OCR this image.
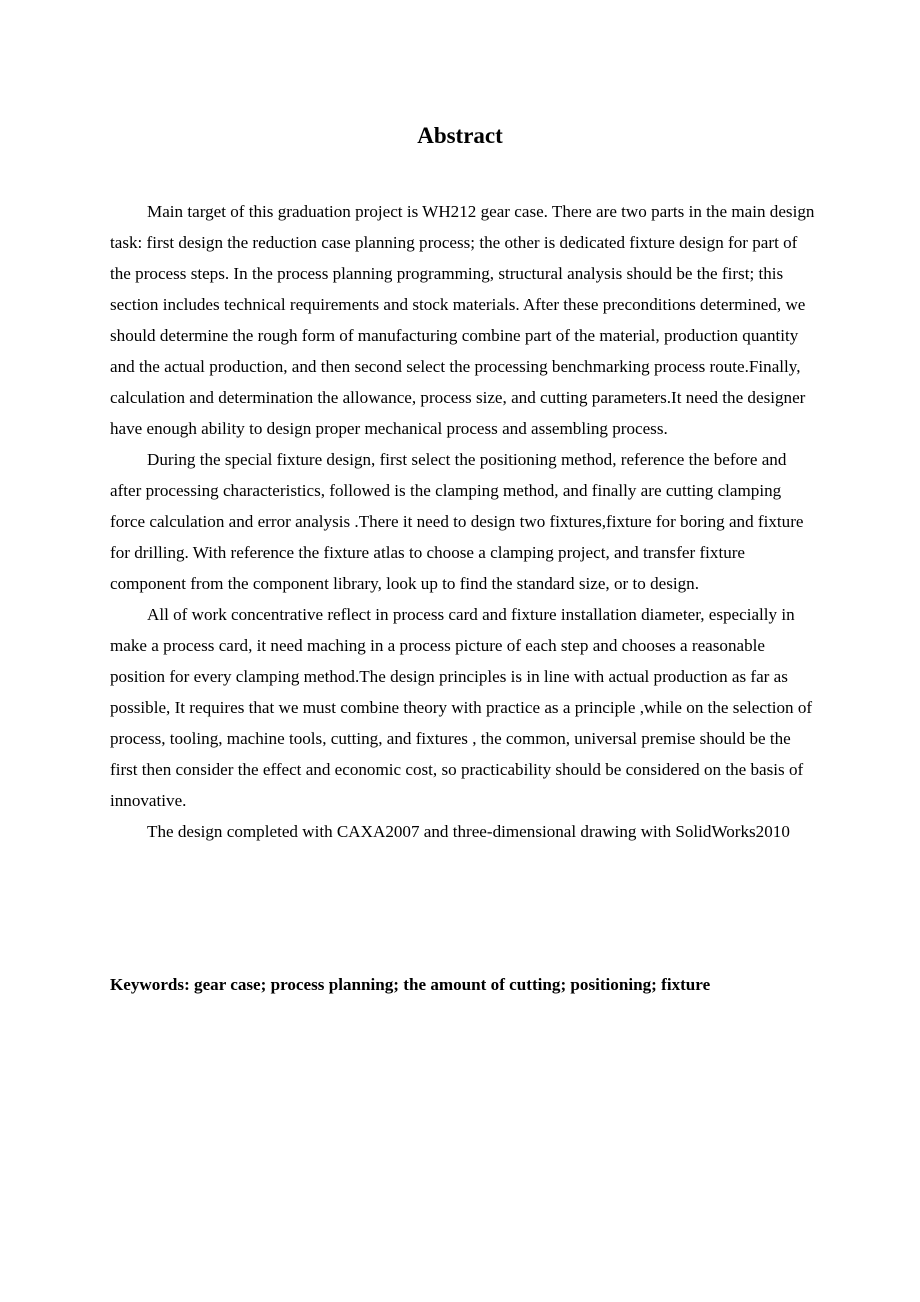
Abstract

Main target of this graduation project is WH212 gear case. There are two parts in the main design task: first design the reduction case planning process; the other is dedicated fixture design for part of the process steps. In the process planning programming, structural analysis should be the first; this section includes technical requirements and stock materials. After these preconditions determined, we should determine the rough form of manufacturing combine part of the material, production quantity and the actual production, and then second select the processing benchmarking process route.Finally, calculation and determination the allowance, process size, and cutting parameters.It need the designer have enough ability to design proper mechanical process and assembling process.

During the special fixture design, first select the positioning method, reference the before and after processing characteristics, followed is the clamping method, and finally are cutting clamping force calculation and error analysis .There it need to design two fixtures,fixture for boring and fixture for drilling. With reference the fixture atlas to choose a clamping project, and transfer fixture component from the component library, look up to find the standard size, or to design.

All of work concentrative reflect in process card and fixture installation diameter, especially in make a process card, it need maching in a process picture of each step and chooses a reasonable position for every clamping method.The design principles is in line with actual production as far as possible, It requires that we must combine theory with practice as a principle ,while on the selection of process, tooling, machine tools, cutting, and fixtures , the common, universal premise should be the first then consider the effect and economic cost, so practicability should be considered on the basis of innovative.

The design completed with CAXA2007 and three-dimensional drawing with SolidWorks2010

Keywords: gear case; process planning; the amount of cutting; positioning; fixture
